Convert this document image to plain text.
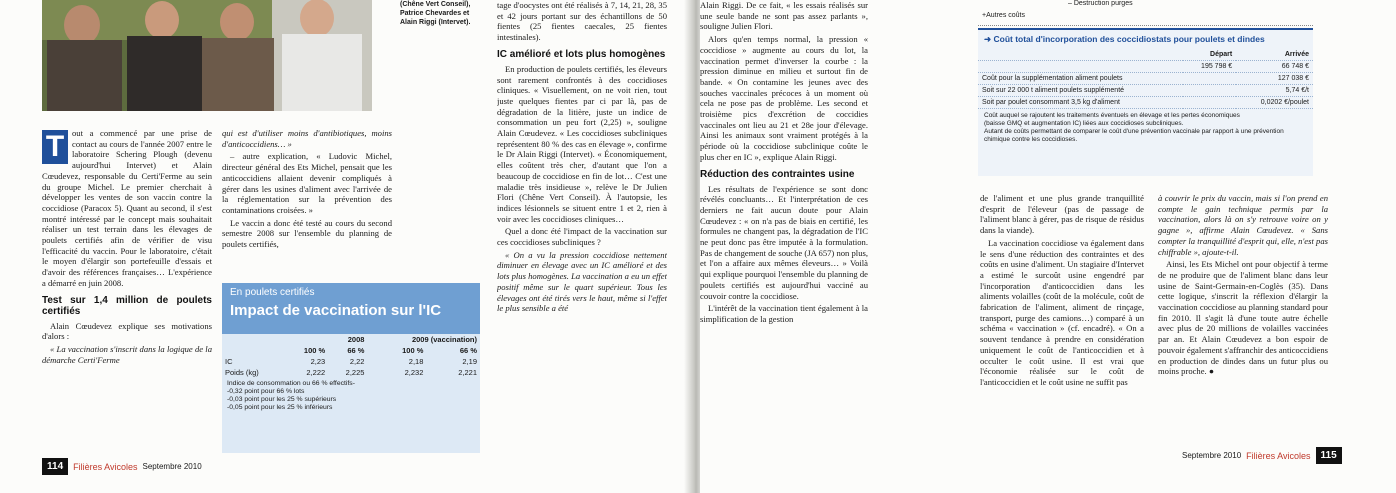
(Chêne Vert Conseil), Patrice Chevardes et Alain Riggi (Intervet).

T out a commencé par une prise de contact au cours de l'année 2007 entre le laboratoire Schering Plough (devenu aujourd'hui Intervet) et Alain Cœudevez, responsable du Certi'Ferme au sein du groupe Michel. Le premier cherchait à développer les ventes de son vaccin contre la coccidiose (Paracox 5). Quant au second, il s'est montré intéressé par le concept mais souhaitait réaliser un test terrain dans les élevages de poulets certifiés afin de vérifier de visu l'efficacité du vaccin. Pour le laboratoire, c'était le moyen d'élargir son portefeuille d'essais et d'avoir des références françaises… L'expérience a démarré en juin 2008.

Test sur 1,4 million de poulets certifiés

Alain Cœudevez explique ses motivations d'alors :

« La vaccination s'inscrit dans la logique de la démarche Certi'Ferme

qui est d'utiliser moins d'antibiotiques, moins d'anticoccidiens… »

– autre explication, « Ludovic Michel, directeur général des Ets Michel, pensait que les anticoccidiens allaient devenir compliqués à gérer dans les usines d'aliment avec l'arrivée de la réglementation sur la prévention des contaminations croisées. »

Le vaccin a donc été testé au cours du second semestre 2008 sur l'ensemble du planning de poulets certifiés,

En poulets certifiés
Impact de vaccination sur l'IC
	2008		2009 (vaccination)	
	100 %	66 %	100 %	66 %
IC	2,23	2,22	2,18	2,19
Poids (kg)	2,222	2,225	2,232	2,221
Indice de consommation ou 66 % effectifs-
-0,32 point pour 66 % lots
-0,03 point pour les 25 % supérieurs
-0,05 point pour les 25 % inférieurs

tage d'oocystes ont été réalisés à 7, 14, 21, 28, 35 et 42 jours portant sur des échantillons de 50 fientes (25 fientes caecales, 25 fientes intestinales).

IC amélioré et lots plus homogènes

En production de poulets certifiés, les éleveurs sont rarement confrontés à des coccidioses cliniques. « Visuellement, on ne voit rien, tout juste quelques fientes par ci par là, pas de dégradation de la litière, juste un indice de consommation un peu fort (2,25) », souligne Alain Cœudevez. « Les coccidioses subcliniques représentent 80 % des cas en élevage », confirme le Dr Alain Riggi (Intervet). « Économiquement, elles coûtent très cher, d'autant que l'on a beaucoup de coccidiose en fin de lot… C'est une maladie très insidieuse », relève le Dr Julien Flori (Chêne Vert Conseil). À l'autopsie, les indices lésionnels se situent entre 1 et 2, rien à voir avec les coccidioses cliniques…

Quel a donc été l'impact de la vaccination sur ces coccidioses subcliniques ?

« On a vu la pression coccidiose nettement diminuer en élevage avec un IC amélioré et des lots plus homogènes. La vaccination a eu un effet positif même sur le quart supérieur. Tous les élevages ont été tirés vers le haut, même si l'effet le plus sensible a été

114	Filières Avicoles Septembre 2010

Alain Riggi. De ce fait, « les essais réalisés sur une seule bande ne sont pas assez parlants », souligne Julien Flori.

Alors qu'en temps normal, la pression « coccidiose » augmente au cours du lot, la vaccination permet d'inverser la courbe : la pression diminue en milieu et surtout fin de bande. « On contamine les jeunes avec des souches vaccinales précoces à un moment où cela ne pose pas de problème. Les second et troisième pics d'excrétion de coccidies vaccinales ont lieu au 21 et 28e jour d'élevage. Ainsi les animaux sont vraiment protégés à la période où la coccidiose subclinique coûte le plus cher en IC », explique Alain Riggi.

Réduction des contraintes usine

Les résultats de l'expérience se sont donc révélés concluants… Et l'interprétation de ces derniers ne fait aucun doute pour Alain Cœudevez : « on n'a pas de biais en certifié, les formules ne changent pas, la dégradation de l'IC ne peut donc pas être imputée à la formulation. Pas de changement de souche (JA 657) non plus, et l'on a affaire aux mêmes éleveurs… » Voilà qui explique pourquoi l'ensemble du planning de poulets certifiés est aujourd'hui vacciné au couvoir contre la coccidiose.

L'intérêt de la vaccination tient également à la simplification de la gestion

– Destruction purges
+Autres coûts
➜ Coût total d'incorporation des coccidiostats pour poulets et dindes
	Départ	Arrivée
	195 798 €	66 748 €
Coût pour la supplémentation aliment poulets		127 038 €
Soit sur 22 000 t aliment poulets supplémenté		5,74 €/t
Soit par poulet consommant 3,5 kg d'aliment		0,0202 €/poulet
Coût auquel se rajoutent les traitements éventuels en élevage et les pertes économiques
(baisse GMQ et augmentation IC) liées aux coccidioses subcliniques.
Autant de coûts permettant de comparer le coût d'une prévention vaccinale par rapport à une prévention chimique contre les coccidioses.

de l'aliment et une plus grande tranquillité d'esprit de l'éleveur (pas de passage de l'aliment blanc à gérer, pas de risque de résidus dans la viande).

La vaccination coccidiose va également dans le sens d'une réduction des contraintes et des coûts en usine d'aliment. Un stagiaire d'Intervet a estimé le surcoût usine engendré par l'incorporation d'anticoccidien dans les aliments volailles (coût de la molécule, coût de fabrication de l'aliment, aliment de rinçage, transport, purge des camions…) comparé à un schéma « vaccination » (cf. encadré). « On a souvent tendance à prendre en considération uniquement le coût de l'anticoccidien et à occulter le coût usine. Il est vrai que l'économie réalisée sur le coût de l'anticoccidien et le coût usine ne suffit pas

à couvrir le prix du vaccin, mais si l'on prend en compte le gain technique permis par la vaccination, alors là on s'y retrouve voire on y gagne », affirme Alain Cœudevez. « Sans compter la tranquillité d'esprit qui, elle, n'est pas chiffrable », ajoute-t-il.

Ainsi, les Ets Michel ont pour objectif à terme de ne produire que de l'aliment blanc dans leur usine de Saint-Germain-en-Coglès (35). Dans cette logique, s'inscrit la réflexion d'élargir la vaccination coccidiose au planning standard pour fin 2010. Il s'agit là d'une toute autre échelle avec plus de 20 millions de volailles vaccinées par an. Et Alain Cœudevez a bon espoir de pouvoir également s'affranchir des anticoccidiens en production de dindes dans un futur plus ou moins proche. ●

Septembre 2010 Filières Avicoles	115
